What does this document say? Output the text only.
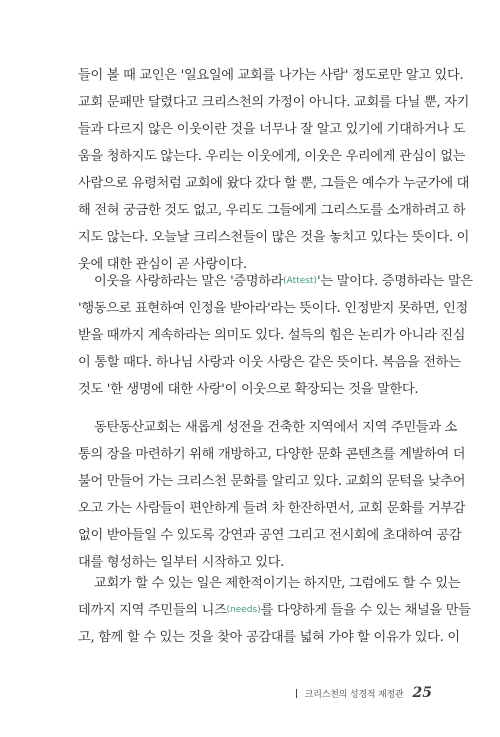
들이 볼 때 교인은 '일요일에 교회를 나가는 사람' 정도로만 알고 있다.
교회 문패만 달렸다고 크리스천의 가정이 아니다. 교회를 다닐 뿐, 자기
들과 다르지 않은 이웃이란 것을 너무나 잘 알고 있기에 기대하거나 도
움을 청하지도 않는다. 우리는 이웃에게, 이웃은 우리에게 관심이 없는
사람으로 유령처럼 교회에 왔다 갔다 할 뿐, 그들은 예수가 누군가에 대
해 전혀 궁금한 것도 없고, 우리도 그들에게 그리스도를 소개하려고 하
지도 않는다. 오늘날 크리스천들이 많은 것을 놓치고 있다는 뜻이다. 이
웃에 대한 관심이 곧 사랑이다.
이웃을 사랑하라는 말은 '증명하라 (Attest) '는 말이다. 증명하라는 말은
'행동으로 표현하여 인정을 받아라'라는 뜻이다. 인정받지 못하면, 인정
받을 때까지 계속하라는 의미도 있다. 설득의 힘은 논리가 아니라 진심
이 통할 때다. 하나님 사랑과 이웃 사랑은 같은 뜻이다. 복음을 전하는
것도 '한 생명에 대한 사랑'이 이웃으로 확장되는 것을 말한다.
동탄동산교회는 새롭게 성전을 건축한 지역에서 지역 주민들과 소
통의 장을 마련하기 위해 개방하고, 다양한 문화 콘텐츠를 계발하여 더
불어 만들어 가는 크리스천 문화를 알리고 있다. 교회의 문턱을 낮추어
오고 가는 사람들이 편안하게 들려 차 한잔하면서, 교회 문화를 거부감
없이 받아들일 수 있도록 강연과 공연 그리고 전시회에 초대하여 공감
대를 형성하는 일부터 시작하고 있다.
교회가 할 수 있는 일은 제한적이기는 하지만, 그럼에도 할 수 있는
데까지 지역 주민들의 니즈 (needs) 를 다양하게 들을 수 있는 채널을 만들
고, 함께 할 수 있는 것을 찾아 공감대를 넓혀 가야 할 이유가 있다. 이
크리스천의 성경적 재정관 25
